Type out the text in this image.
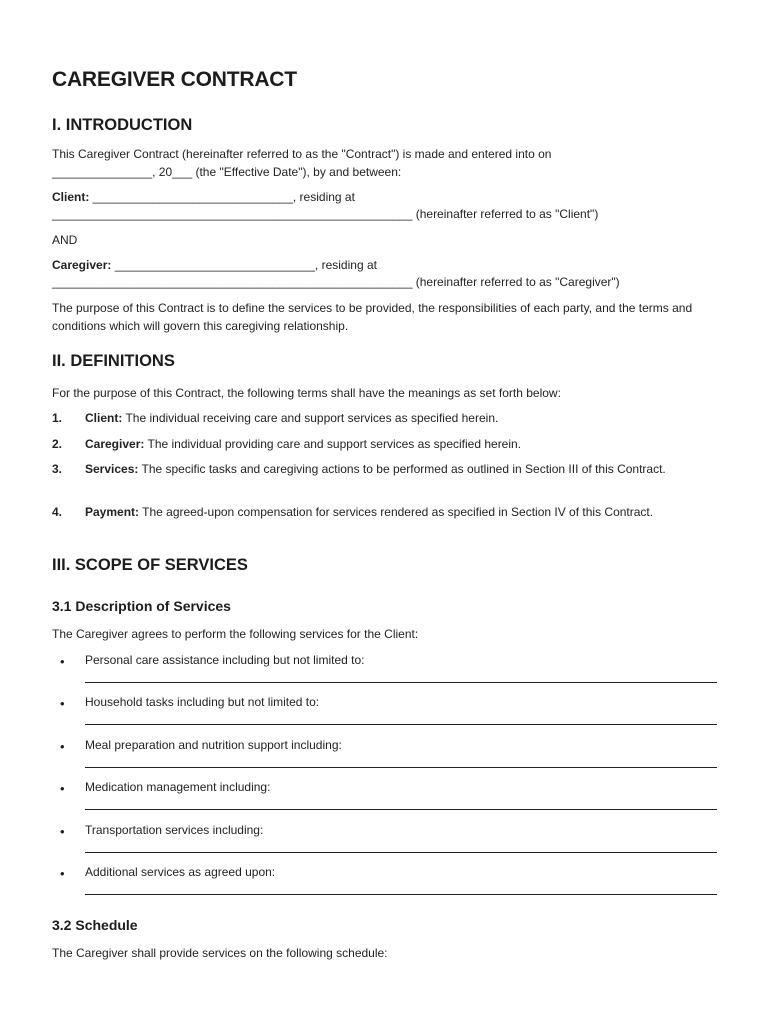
CAREGIVER CONTRACT
I. INTRODUCTION
This Caregiver Contract (hereinafter referred to as the "Contract") is made and entered into on
_______________, 20___ (the "Effective Date"), by and between:
Client: ______________________________, residing at
______________________________________________________ (hereinafter referred to as "Client")
AND
Caregiver: ______________________________, residing at
______________________________________________________ (hereinafter referred to as "Caregiver")
The purpose of this Contract is to define the services to be provided, the responsibilities of each party, and the terms and conditions which will govern this caregiving relationship.
II. DEFINITIONS
For the purpose of this Contract, the following terms shall have the meanings as set forth below:
1. Client: The individual receiving care and support services as specified herein.
2. Caregiver: The individual providing care and support services as specified herein.
3. Services: The specific tasks and caregiving actions to be performed as outlined in Section III of this Contract.
4. Payment: The agreed-upon compensation for services rendered as specified in Section IV of this Contract.
III. SCOPE OF SERVICES
3.1 Description of Services
The Caregiver agrees to perform the following services for the Client:
• Personal care assistance including but not limited to:
• Household tasks including but not limited to:
• Meal preparation and nutrition support including:
• Medication management including:
• Transportation services including:
• Additional services as agreed upon:
3.2 Schedule
The Caregiver shall provide services on the following schedule:
